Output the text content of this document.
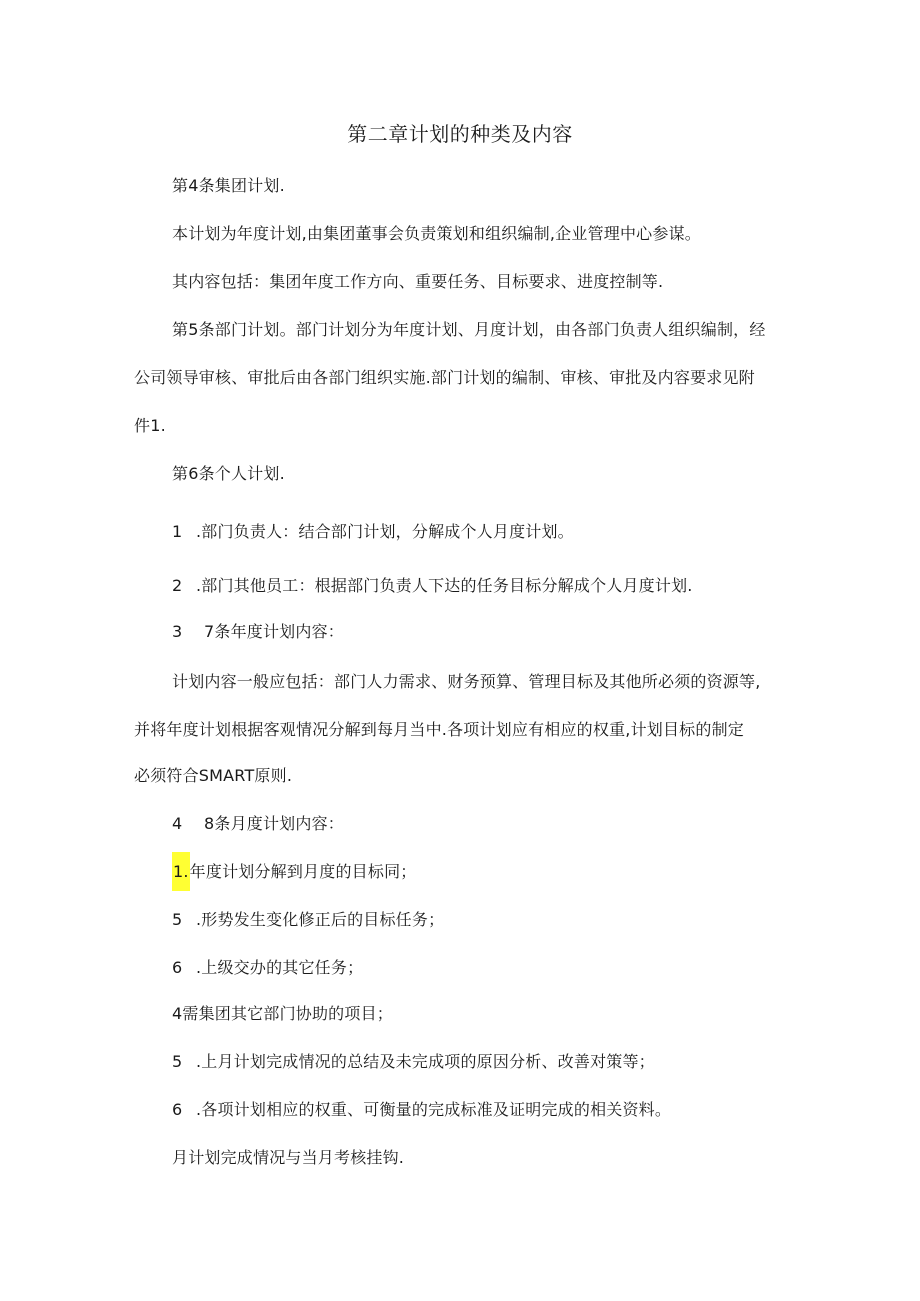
第二章计划的种类及内容
第4条集团计划.
本计划为年度计划,由集团董事会负责策划和组织编制,企业管理中心参谋。
其内容包括：集团年度工作方向、重要任务、目标要求、进度控制等.
第5条部门计划。部门计划分为年度计划、月度计划，由各部门负责人组织编制，经
公司领导审核、审批后由各部门组织实施.部门计划的编制、审核、审批及内容要求见附
件1.
第6条个人计划.
1 .部门负责人：结合部门计划，分解成个人月度计划。
2 .部门其他员工：根据部门负责人下达的任务目标分解成个人月度计划.
3 7条年度计划内容：
计划内容一般应包括：部门人力需求、财务预算、管理目标及其他所必须的资源等,
并将年度计划根据客观情况分解到每月当中.各项计划应有相应的权重,计划目标的制定
必须符合SMART原则.
4 8条月度计划内容：
1.年度计划分解到月度的目标同；
5 .形势发生变化修正后的目标任务；
6 .上级交办的其它任务；
4需集团其它部门协助的项目；
5 .上月计划完成情况的总结及未完成项的原因分析、改善对策等；
6 .各项计划相应的权重、可衡量的完成标准及证明完成的相关资料。
月计划完成情况与当月考核挂钩.
